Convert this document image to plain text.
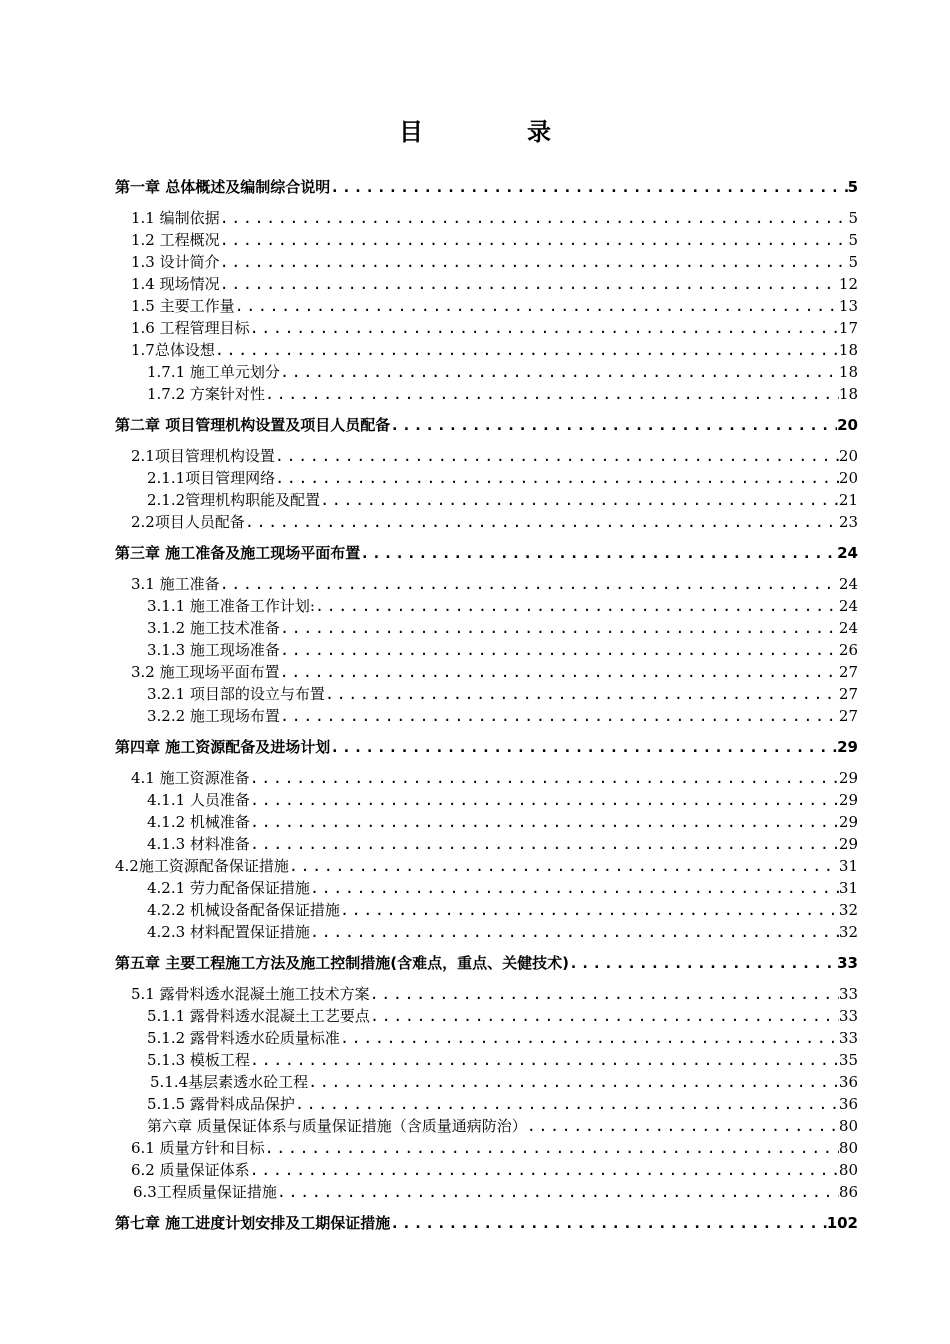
目　录
第一章 总体概述及编制综合说明 .....	5
1.1 编制依据 .....	5
1.2 工程概况 .....	5
1.3 设计简介 .....	5
1.4 现场情况 .....	12
1.5 主要工作量 .....	13
1.6 工程管理目标 .....	17
1.7总体设想 .....	18
1.7.1 施工单元划分 .....	18
1.7.2 方案针对性 .....	18
第二章 项目管理机构设置及项目人员配备 .....	20
2.1项目管理机构设置 .....	20
2.1.1项目管理网络 .....	20
2.1.2管理机构职能及配置 .....	21
2.2项目人员配备 .....	23
第三章 施工准备及施工现场平面布置 .....	24
3.1 施工准备 .....	24
3.1.1 施工准备工作计划: .....	24
3.1.2 施工技术准备 .....	24
3.1.3 施工现场准备 .....	26
3.2 施工现场平面布置 .....	27
3.2.1 项目部的设立与布置 .....	27
3.2.2 施工现场布置 .....	27
第四章 施工资源配备及进场计划 .....	29
4.1 施工资源准备 .....	29
4.1.1 人员准备 .....	29
4.1.2 机械准备 .....	29
4.1.3 材料准备 .....	29
4.2施工资源配备保证措施 .....	31
4.2.1 劳力配备保证措施 .....	31
4.2.2 机械设备配备保证措施 .....	32
4.2.3 材料配置保证措施 .....	32
第五章 主要工程施工方法及施工控制措施(含难点，重点、关健技术) .....	33
5.1 露骨料透水混凝土施工技术方案 .....	33
5.1.1 露骨料透水混凝土工艺要点 .....	33
5.1.2 露骨料透水砼质量标准 .....	33
5.1.3 模板工程 .....	35
5.1.4基层素透水砼工程 .....	36
5.1.5 露骨料成品保护 .....	36
第六章 质量保证体系与质量保证措施（含质量通病防治） .....	80
6.1 质量方针和目标 .....	80
6.2 质量保证体系 .....	80
6.3工程质量保证措施 .....	86
第七章 施工进度计划安排及工期保证措施 .....	102
